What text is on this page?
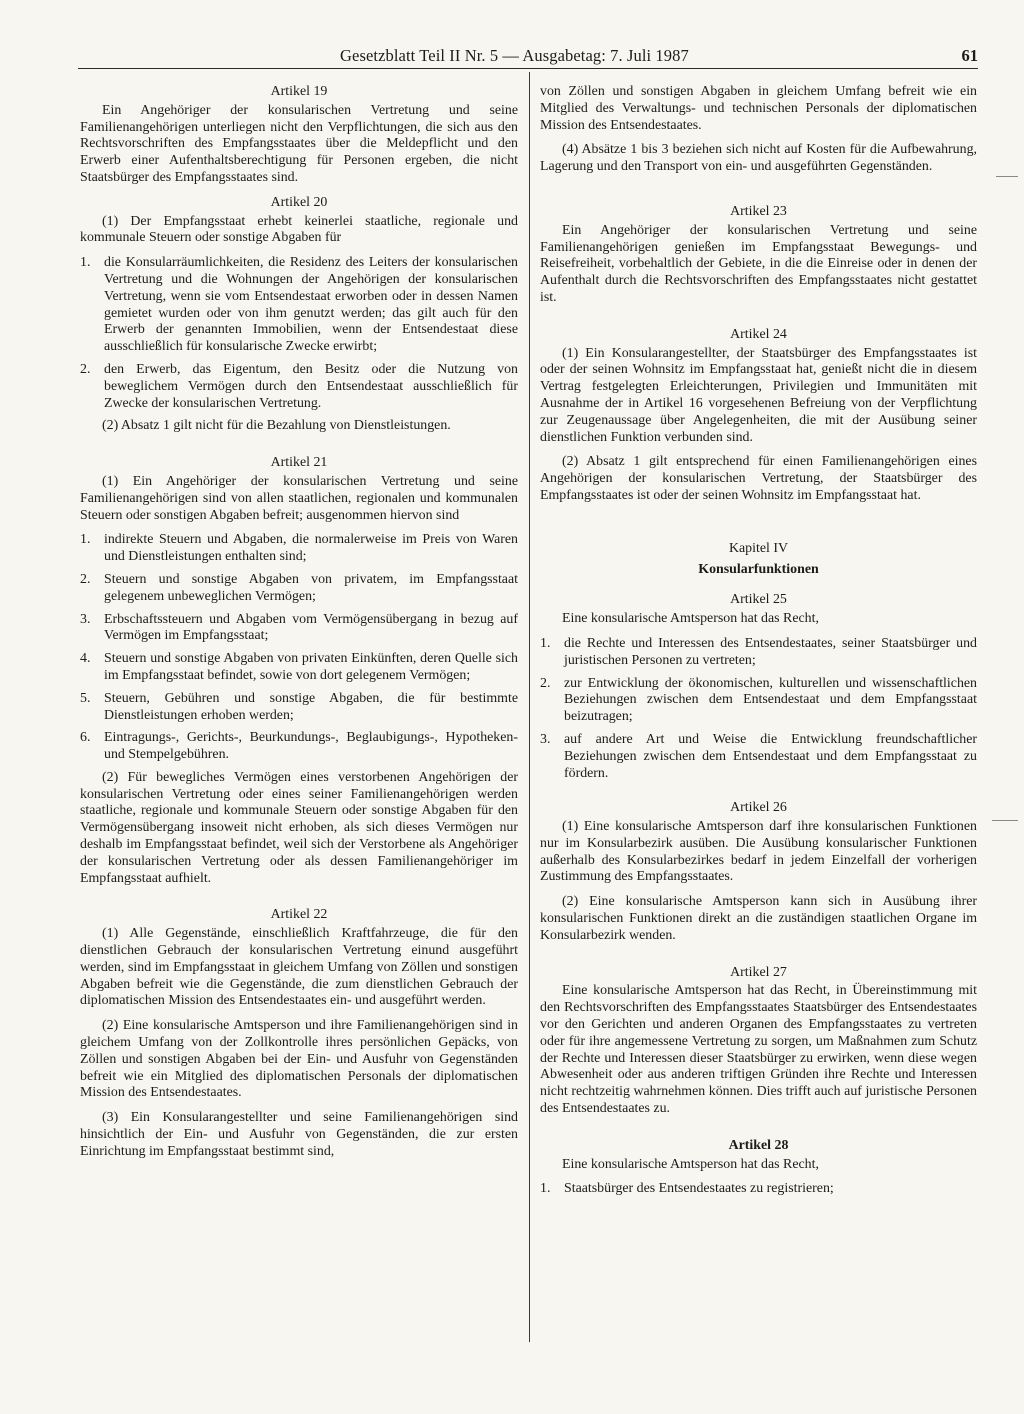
Gesetzblatt Teil II Nr. 5 — Ausgabetag: 7. Juli 1987	61
Artikel 19
Ein Angehöriger der konsularischen Vertretung und seine Familienangehörigen unterliegen nicht den Verpflichtungen, die sich aus den Rechtsvorschriften des Empfangsstaates über die Meldepflicht und den Erwerb einer Aufenthaltsberechtigung für Personen ergeben, die nicht Staatsbürger des Empfangsstaates sind.
Artikel 20
(1) Der Empfangsstaat erhebt keinerlei staatliche, regionale und kommunale Steuern oder sonstige Abgaben für
1. die Konsularräumlichkeiten, die Residenz des Leiters der konsularischen Vertretung und die Wohnungen der Angehörigen der konsularischen Vertretung, wenn sie vom Entsendestaat erworben oder in dessen Namen gemietet wurden oder von ihm genutzt werden; das gilt auch für den Erwerb der genannten Immobilien, wenn der Entsendestaat diese ausschließlich für konsularische Zwecke erwirbt;
2. den Erwerb, das Eigentum, den Besitz oder die Nutzung von beweglichem Vermögen durch den Entsendestaat ausschließlich für Zwecke der konsularischen Vertretung.
(2) Absatz 1 gilt nicht für die Bezahlung von Dienstleistungen.
Artikel 21
(1) Ein Angehöriger der konsularischen Vertretung und seine Familienangehörigen sind von allen staatlichen, regionalen und kommunalen Steuern oder sonstigen Abgaben befreit; ausgenommen hiervon sind
1. indirekte Steuern und Abgaben, die normalerweise im Preis von Waren und Dienstleistungen enthalten sind;
2. Steuern und sonstige Abgaben von privatem, im Empfangsstaat gelegenem unbeweglichen Vermögen;
3. Erbschaftssteuern und Abgaben vom Vermögensübergang in bezug auf Vermögen im Empfangsstaat;
4. Steuern und sonstige Abgaben von privaten Einkünften, deren Quelle sich im Empfangsstaat befindet, sowie von dort gelegenem Vermögen;
5. Steuern, Gebühren und sonstige Abgaben, die für bestimmte Dienstleistungen erhoben werden;
6. Eintragungs-, Gerichts-, Beurkundungs-, Beglaubigungs-, Hypotheken- und Stempelgebühren.
(2) Für bewegliches Vermögen eines verstorbenen Angehörigen der konsularischen Vertretung oder eines seiner Familienangehörigen werden staatliche, regionale und kommunale Steuern oder sonstige Abgaben für den Vermögensübergang insoweit nicht erhoben, als sich dieses Vermögen nur deshalb im Empfangsstaat befindet, weil sich der Verstorbene als Angehöriger der konsularischen Vertretung oder als dessen Familienangehöriger im Empfangsstaat aufhielt.
Artikel 22
(1) Alle Gegenstände, einschließlich Kraftfahrzeuge, die für den dienstlichen Gebrauch der konsularischen Vertretung einund ausgeführt werden, sind im Empfangsstaat in gleichem Umfang von Zöllen und sonstigen Abgaben befreit wie die Gegenstände, die zum dienstlichen Gebrauch der diplomatischen Mission des Entsendestaates ein- und ausgeführt werden.
(2) Eine konsularische Amtsperson und ihre Familienangehörigen sind in gleichem Umfang von der Zollkontrolle ihres persönlichen Gepäcks, von Zöllen und sonstigen Abgaben bei der Ein- und Ausfuhr von Gegenständen befreit wie ein Mitglied des diplomatischen Personals der diplomatischen Mission des Entsendestaates.
(3) Ein Konsularangestellter und seine Familienangehörigen sind hinsichtlich der Ein- und Ausfuhr von Gegenständen, die zur ersten Einrichtung im Empfangsstaat bestimmt sind,
von Zöllen und sonstigen Abgaben in gleichem Umfang befreit wie ein Mitglied des Verwaltungs- und technischen Personals der diplomatischen Mission des Entsendestaates.
(4) Absätze 1 bis 3 beziehen sich nicht auf Kosten für die Aufbewahrung, Lagerung und den Transport von ein- und ausgeführten Gegenständen.
Artikel 23
Ein Angehöriger der konsularischen Vertretung und seine Familienangehörigen genießen im Empfangsstaat Bewegungs- und Reisefreiheit, vorbehaltlich der Gebiete, in die die Einreise oder in denen der Aufenthalt durch die Rechtsvorschriften des Empfangsstaates nicht gestattet ist.
Artikel 24
(1) Ein Konsularangestellter, der Staatsbürger des Empfangsstaates ist oder der seinen Wohnsitz im Empfangsstaat hat, genießt nicht die in diesem Vertrag festgelegten Erleichterungen, Privilegien und Immunitäten mit Ausnahme der in Artikel 16 vorgesehenen Befreiung von der Verpflichtung zur Zeugenaussage über Angelegenheiten, die mit der Ausübung seiner dienstlichen Funktion verbunden sind.
(2) Absatz 1 gilt entsprechend für einen Familienangehörigen eines Angehörigen der konsularischen Vertretung, der Staatsbürger des Empfangsstaates ist oder der seinen Wohnsitz im Empfangsstaat hat.
Kapitel IV
Konsularfunktionen
Artikel 25
Eine konsularische Amtsperson hat das Recht,
1. die Rechte und Interessen des Entsendestaates, seiner Staatsbürger und juristischen Personen zu vertreten;
2. zur Entwicklung der ökonomischen, kulturellen und wissenschaftlichen Beziehungen zwischen dem Entsendestaat und dem Empfangsstaat beizutragen;
3. auf andere Art und Weise die Entwicklung freundschaftlicher Beziehungen zwischen dem Entsendestaat und dem Empfangsstaat zu fördern.
Artikel 26
(1) Eine konsularische Amtsperson darf ihre konsularischen Funktionen nur im Konsularbezirk ausüben. Die Ausübung konsularischer Funktionen außerhalb des Konsularbezirkes bedarf in jedem Einzelfall der vorherigen Zustimmung des Empfangsstaates.
(2) Eine konsularische Amtsperson kann sich in Ausübung ihrer konsularischen Funktionen direkt an die zuständigen staatlichen Organe im Konsularbezirk wenden.
Artikel 27
Eine konsularische Amtsperson hat das Recht, in Übereinstimmung mit den Rechtsvorschriften des Empfangsstaates Staatsbürger des Entsendestaates vor den Gerichten und anderen Organen des Empfangsstaates zu vertreten oder für ihre angemessene Vertretung zu sorgen, um Maßnahmen zum Schutz der Rechte und Interessen dieser Staatsbürger zu erwirken, wenn diese wegen Abwesenheit oder aus anderen triftigen Gründen ihre Rechte und Interessen nicht rechtzeitig wahrnehmen können. Dies trifft auch auf juristische Personen des Entsendestaates zu.
Artikel 28
Eine konsularische Amtsperson hat das Recht,
1. Staatsbürger des Entsendestaates zu registrieren;
